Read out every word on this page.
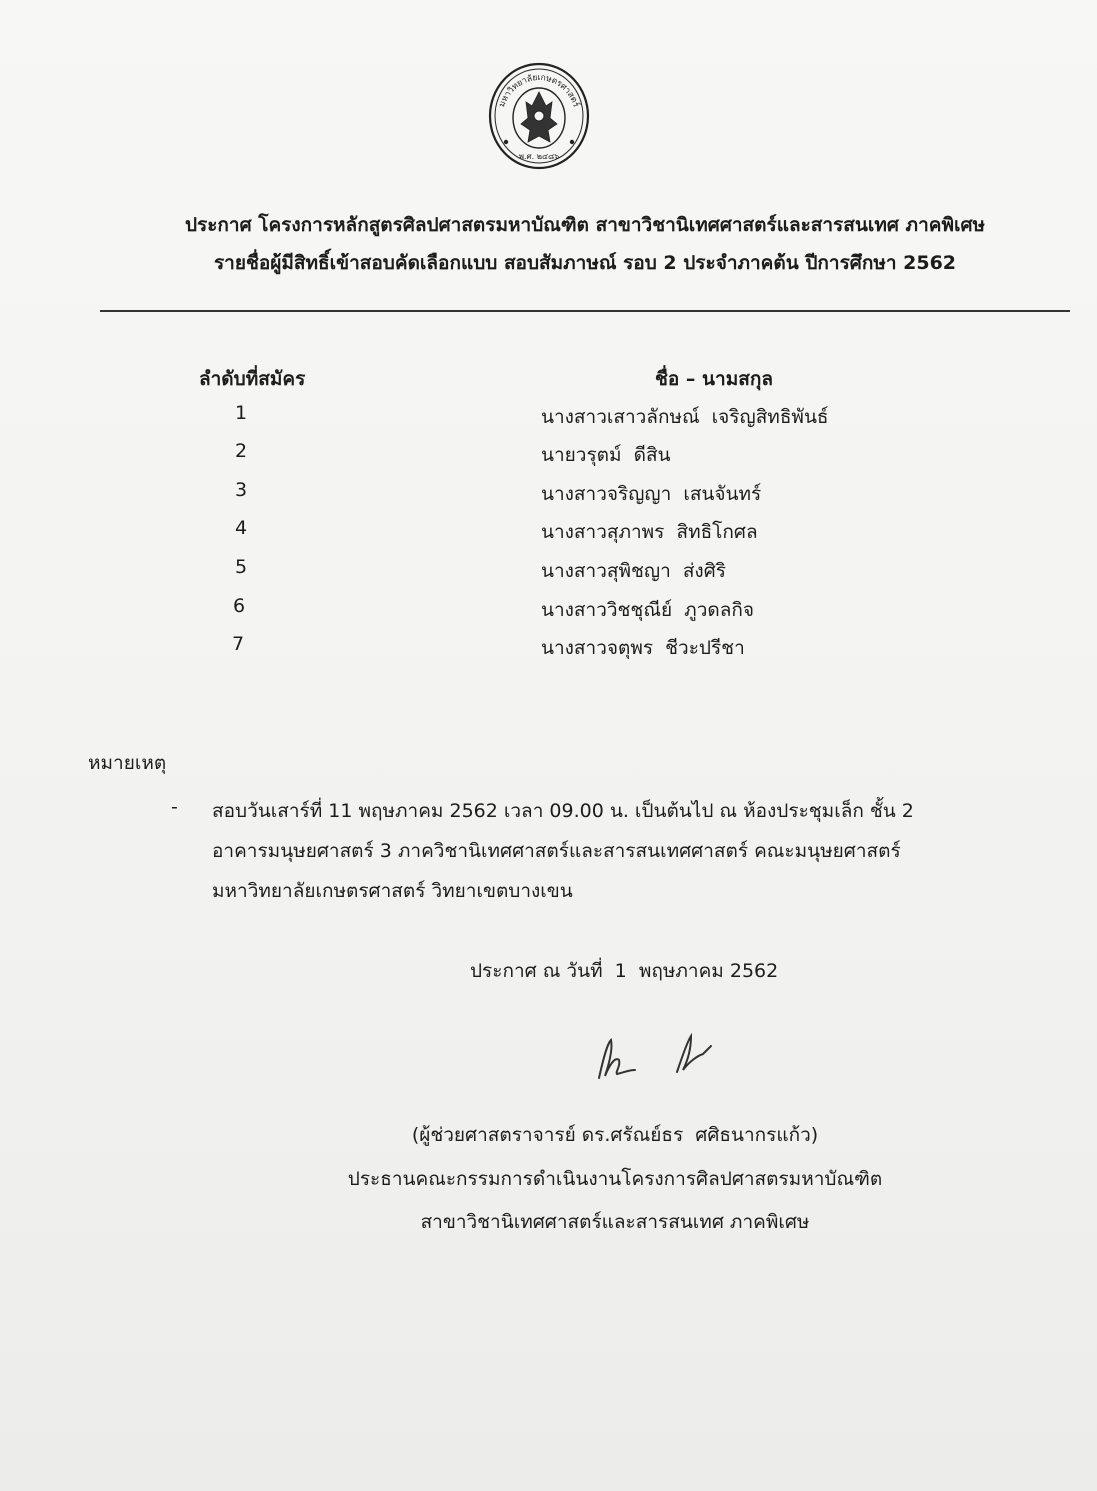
มหาวิทยาลัยเกษตรศาสตร์
พ.ศ. ๒๔๘๖
ประกาศ โครงการหลักสูตรศิลปศาสตรมหาบัณฑิต สาขาวิชานิเทศศาสตร์และสารสนเทศ ภาคพิเศษ
รายชื่อผู้มีสิทธิ์เข้าสอบคัดเลือกแบบ สอบสัมภาษณ์ รอบ 2 ประจำภาคต้น ปีการศึกษา 2562
ลำดับที่สมัคร	ชื่อ – นามสกุล
1	นางสาวเสาวลักษณ์  เจริญสิทธิพันธ์
2	นายวรุตม์  ดีสิน
3	นางสาวจริญญา  เสนจันทร์
4	นางสาวสุภาพร  สิทธิโกศล
5	นางสาวสุพิชญา  ส่งศิริ
6	นางสาววิชชุณีย์  ภูวดลกิจ
7	นางสาวจตุพร  ชีวะปรีชา
หมายเหตุ
- สอบวันเสาร์ที่ 11 พฤษภาคม 2562 เวลา 09.00 น. เป็นต้นไป ณ ห้องประชุมเล็ก ชั้น 2
อาคารมนุษยศาสตร์ 3 ภาควิชานิเทศศาสตร์และสารสนเทศศาสตร์ คณะมนุษยศาสตร์
มหาวิทยาลัยเกษตรศาสตร์ วิทยาเขตบางเขน
ประกาศ ณ วันที่  1  พฤษภาคม 2562
(ผู้ช่วยศาสตราจารย์ ดร.ศรัณย์ธร  ศศิธนากรแก้ว)
ประธานคณะกรรมการดำเนินงานโครงการศิลปศาสตรมหาบัณฑิต
สาขาวิชานิเทศศาสตร์และสารสนเทศ ภาคพิเศษ
